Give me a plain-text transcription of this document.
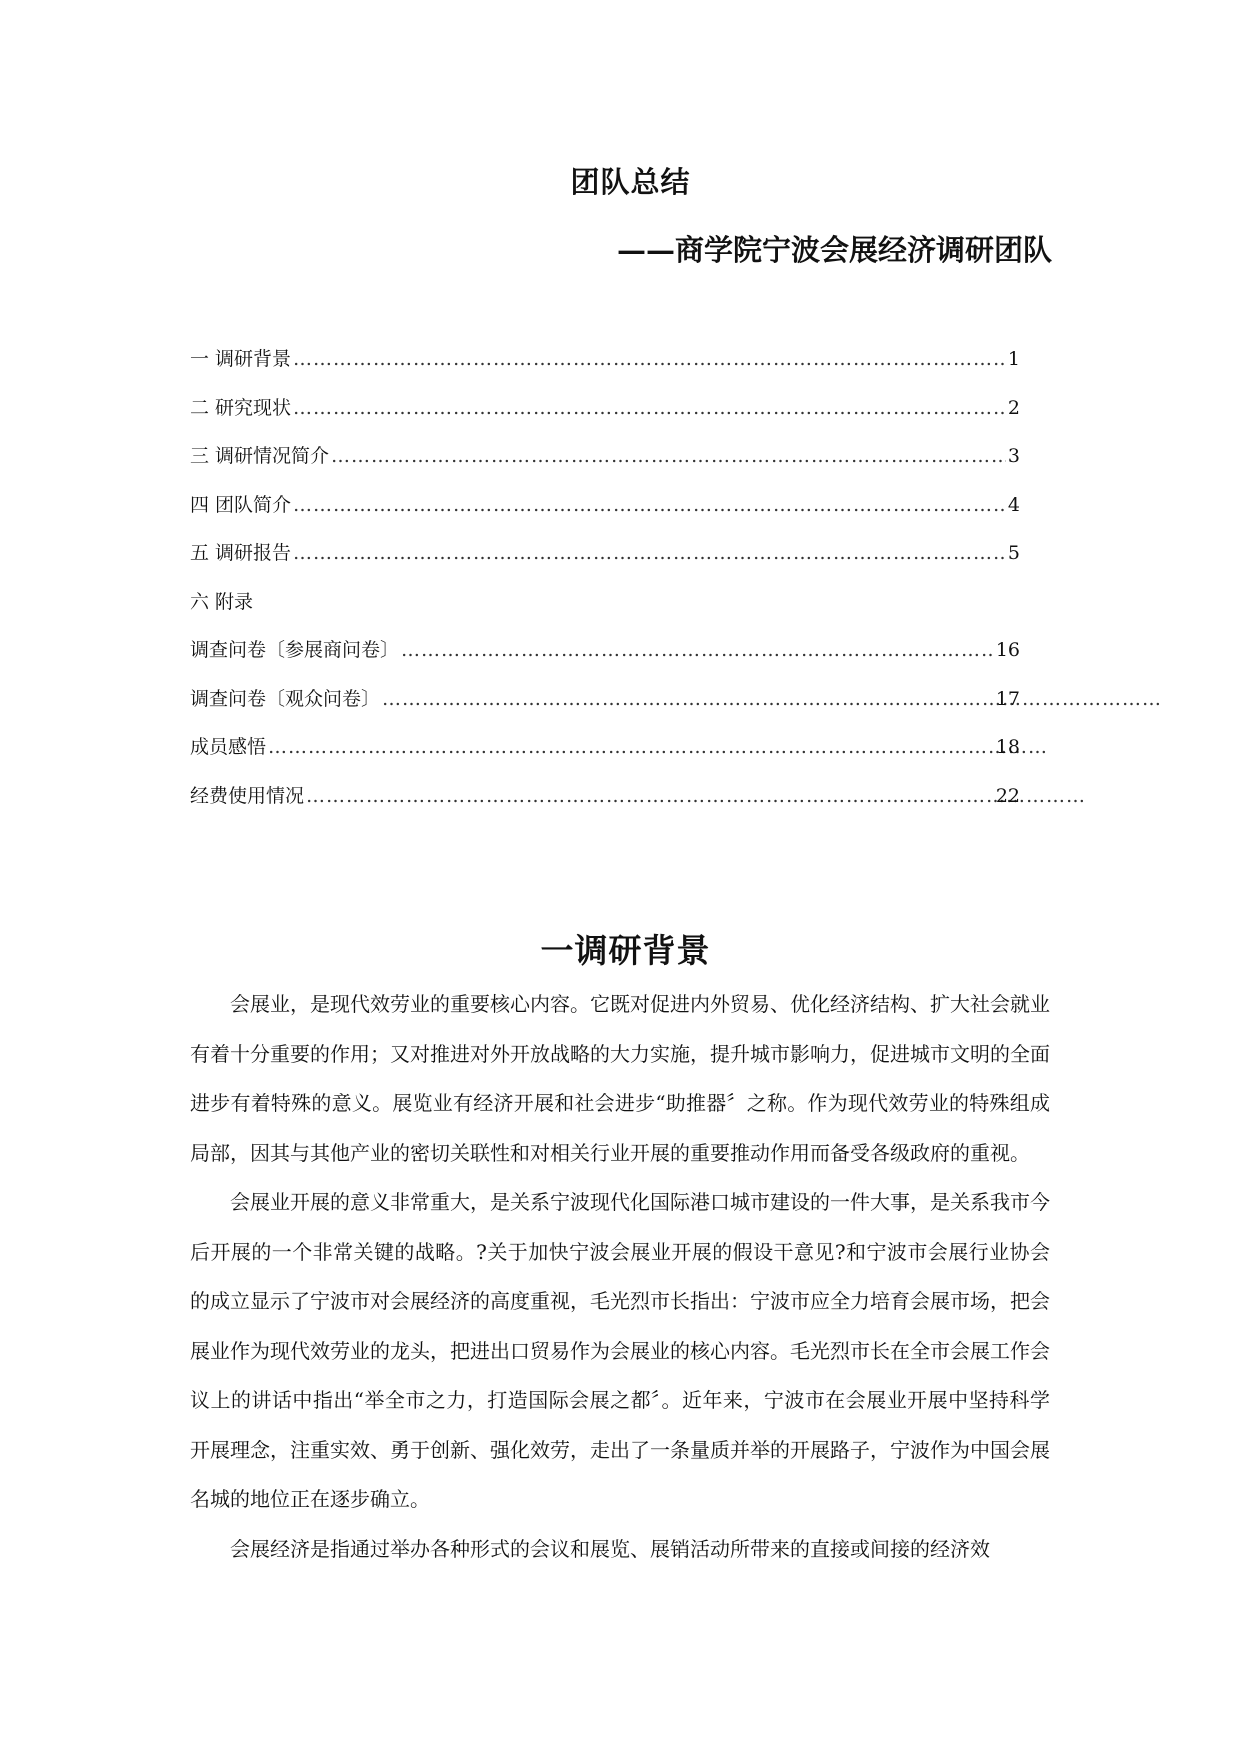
团队总结
——商学院宁波会展经济调研团队
一 调研背景 …………………………………………………………………………………………………………………………………………………………………………………………	1
二 研究现状 …………………………………………………………………………………………………………………………………………………………………………………………	2
三 调研情况简介 …………………………………………………………………………………………………………………………………………………………………………………………	3
四 团队简介 …………………………………………………………………………………………………………………………………………………………………………………………	4
五 调研报告 …………………………………………………………………………………………………………………………………………………………………………………………	5
六 附录
调查问卷〔参展商问卷〕 …………………………………………………………………………………………………………………………………………………………………………………………	16
调查问卷〔观众问卷〕 …………………………………………………………………………………………………………………………………………………………………………………………	17
成员感悟 …………………………………………………………………………………………………………………………………………………………………………………………	18
经费使用情况 …………………………………………………………………………………………………………………………………………………………………………………………	22
一调研背景

会展业，是现代效劳业的重要核心内容。它既对促进内外贸易、优化经济结构、扩大社会就业有着十分重要的作用；又对推进对外开放战略的大力实施，提升城市影响力，促进城市文明的全面进步有着特殊的意义。展览业有经济开展和社会进步“助推器〞之称。作为现代效劳业的特殊组成局部，因其与其他产业的密切关联性和对相关行业开展的重要推动作用而备受各级政府的重视。

会展业开展的意义非常重大，是关系宁波现代化国际港口城市建设的一件大事，是关系我市今后开展的一个非常关键的战略。?关于加快宁波会展业开展的假设干意见?和宁波市会展行业协会的成立显示了宁波市对会展经济的高度重视，毛光烈市长指出：宁波市应全力培育会展市场，把会展业作为现代效劳业的龙头，把进出口贸易作为会展业的核心内容。毛光烈市长在全市会展工作会议上的讲话中指出“举全市之力，打造国际会展之都〞。近年来，宁波市在会展业开展中坚持科学开展理念，注重实效、勇于创新、强化效劳，走出了一条量质并举的开展路子，宁波作为中国会展名城的地位正在逐步确立。

会展经济是指通过举办各种形式的会议和展览、展销活动所带来的直接或间接的经济效
